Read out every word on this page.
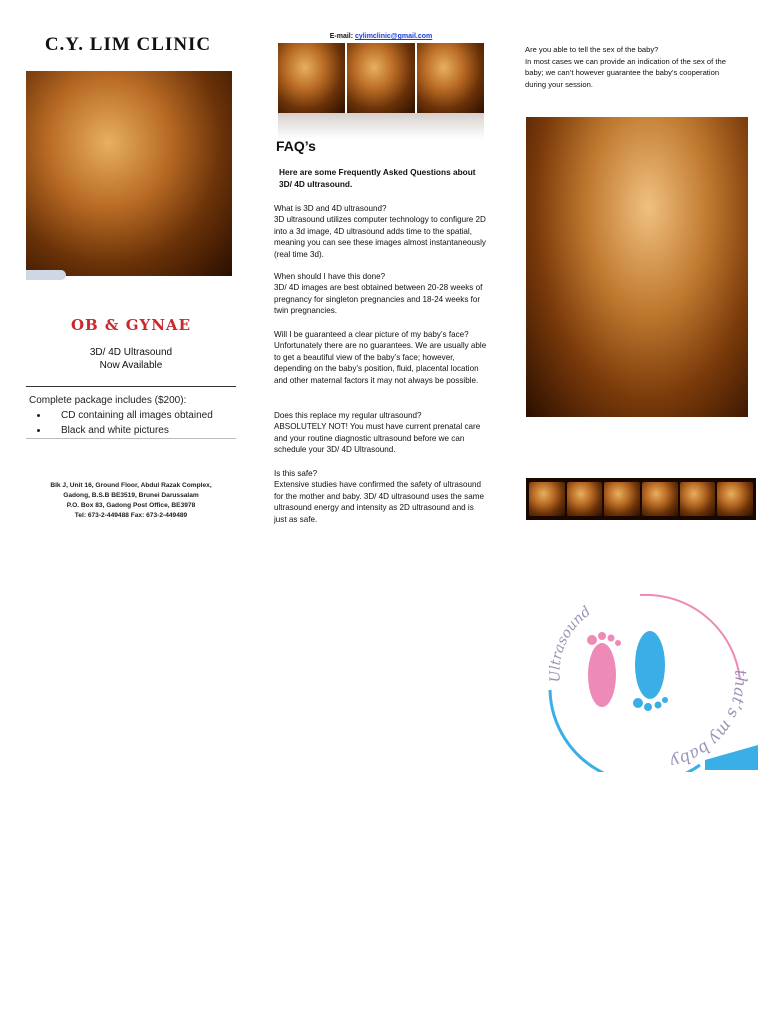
C.Y. LIM CLINIC
OB & GYNAE
3D/ 4D Ultrasound
Now Available
Complete package includes ($200):
• CD containing all images obtained
• Black and white pictures
Blk J, Unit 16, Ground Floor, Abdul Razak Complex,
Gadong, B.S.B BE3519, Brunei Darussalam
P.O. Box 83, Gadong Post Office, BE3978
Tel: 673-2-449488 Fax: 673-2-449489
E-mail: cylimclinic@gmail.com
FAQ’s
Here are some Frequently Asked Questions about 3D/ 4D ultrasound.
What is 3D and 4D ultrasound?
3D ultrasound utilizes computer technology to configure 2D into a 3d image, 4D ultrasound adds time to the spatial, meaning you can see these images almost instantaneously (real time 3d).
When should I have this done?
3D/ 4D images are best obtained between 20-28 weeks of pregnancy for singleton pregnancies and 18-24 weeks for twin pregnancies.
Will I be guaranteed a clear picture of my baby’s face?
Unfortunately there are no guarantees. We are usually able to get a beautiful view of the baby’s face; however, depending on the baby’s position, fluid, placental location and other maternal factors it may not always be possible.
Does this replace my regular ultrasound?
ABSOLUTELY NOT! You must have current prenatal care and your routine diagnostic ultrasound before we can schedule your 3D/ 4D Ultrasound.
Is this safe?
Extensive studies have confirmed the safety of ultrasound for the mother and baby. 3D/ 4D ultrasound uses the same ultrasound energy and intensity as 2D ultrasound and is just as safe.
Are you able to tell the sex of the baby?
In most cases we can provide an indication of the sex of the baby; we can’t however guarantee the baby’s cooperation during your session.
Ultrasound
that’s my baby
